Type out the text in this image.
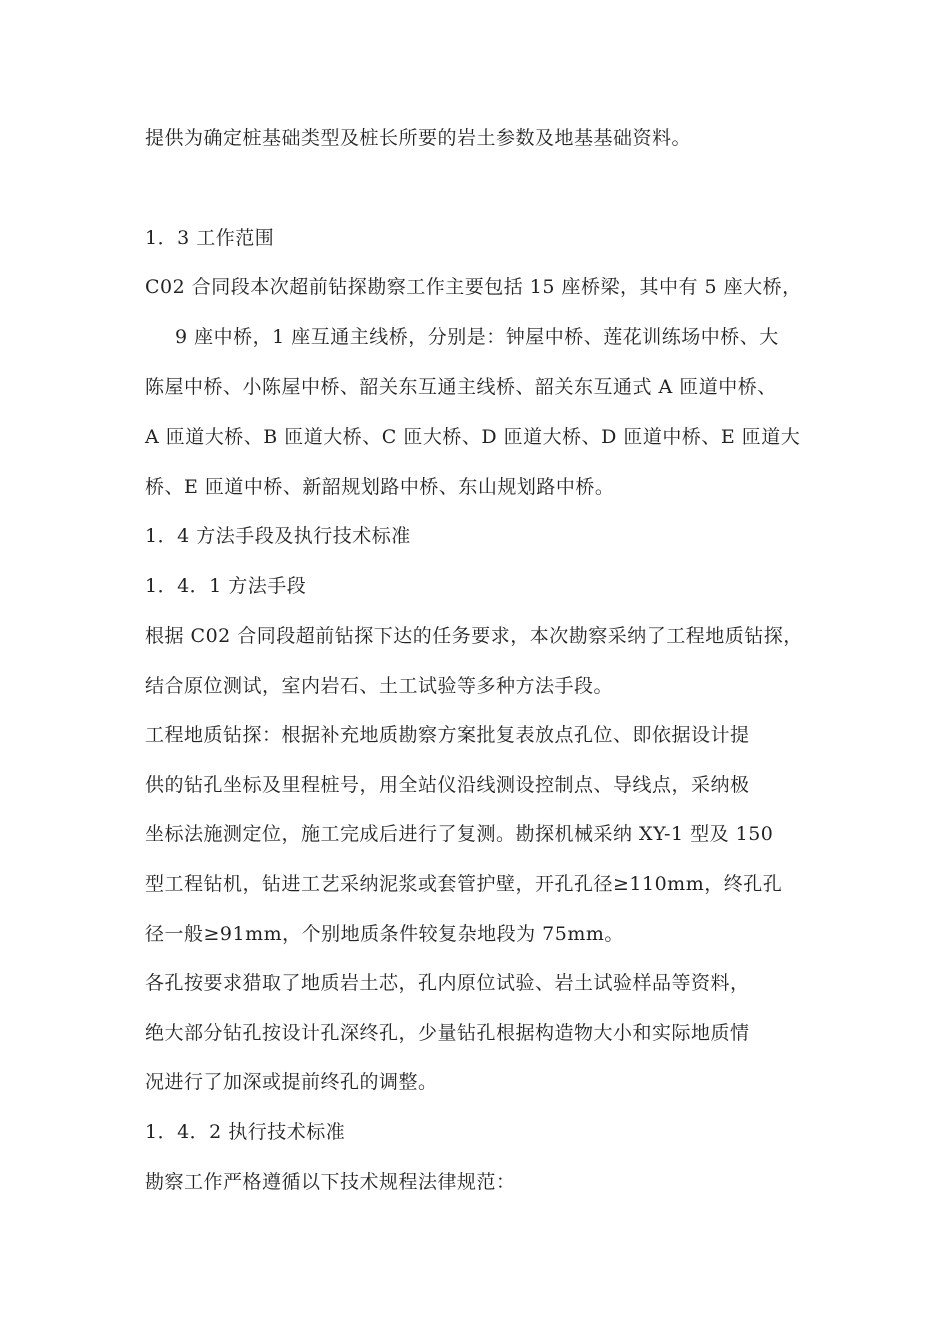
提供为确定桩基础类型及桩长所要的岩土参数及地基基础资料。
1．3 工作范围
C02 合同段本次超前钻探勘察工作主要包括 15 座桥梁，其中有 5 座大桥，
9 座中桥，1 座互通主线桥，分别是：钟屋中桥、莲花训练场中桥、大
陈屋中桥、小陈屋中桥、韶关东互通主线桥、韶关东互通式 A 匝道中桥、
A 匝道大桥、B 匝道大桥、C 匝大桥、D 匝道大桥、D 匝道中桥、E 匝道大
桥、E 匝道中桥、新韶规划路中桥、东山规划路中桥。
1．4 方法手段及执行技术标准
1．4．1 方法手段
根据 C02 合同段超前钻探下达的任务要求，本次勘察采纳了工程地质钻探，
结合原位测试，室内岩石、土工试验等多种方法手段。
工程地质钻探：根据补充地质勘察方案批复表放点孔位、即依据设计提
供的钻孔坐标及里程桩号，用全站仪沿线测设控制点、导线点，采纳极
坐标法施测定位，施工完成后进行了复测。勘探机械采纳 XY-1 型及 150
型工程钻机，钻进工艺采纳泥浆或套管护壁，开孔孔径≥110mm，终孔孔
径一般≥91mm，个别地质条件较复杂地段为 75mm。
各孔按要求猎取了地质岩土芯，孔内原位试验、岩土试验样品等资料，
绝大部分钻孔按设计孔深终孔，少量钻孔根据构造物大小和实际地质情
况进行了加深或提前终孔的调整。
1．4．2 执行技术标准
勘察工作严格遵循以下技术规程法律规范：
